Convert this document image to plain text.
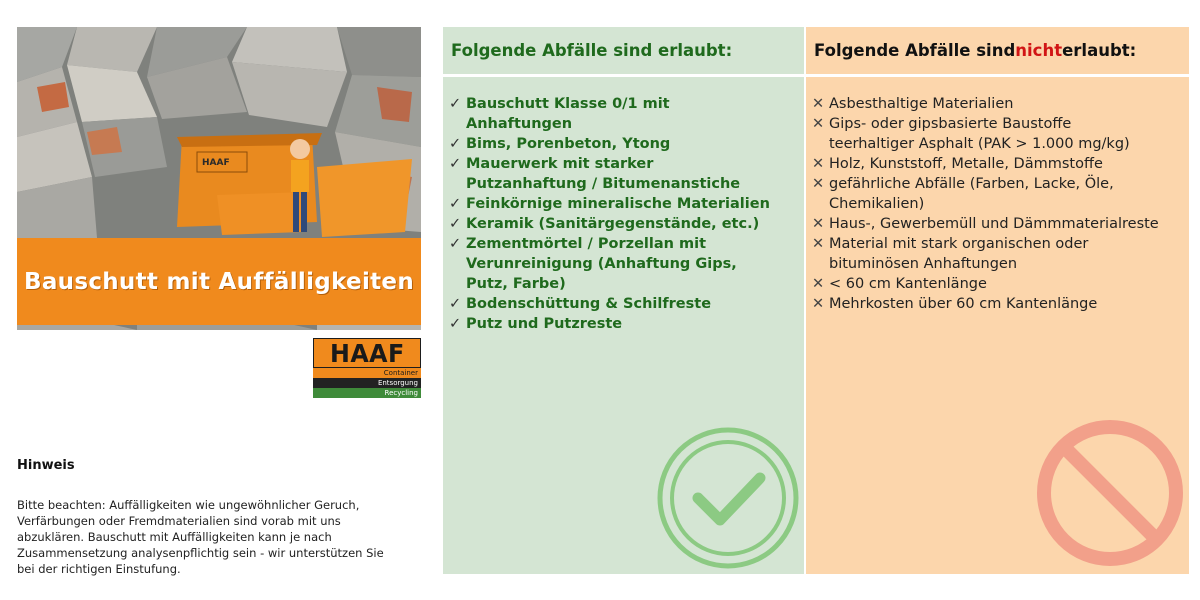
HAAF
Bauschutt mit Auffälligkeiten
HAAF
Container
Entsorgung
Recycling
Hinweis
Bitte beachten: Auffälligkeiten wie ungewöhnlicher Geruch, Verfärbungen oder Fremdmaterialien sind vorab mit uns abzuklären. Bauschutt mit Auffälligkeiten kann je nach Zusammensetzung analysenpflichtig sein - wir unterstützen Sie bei der richtigen Einstufung.
Folgende Abfälle sind erlaubt:
✓ Bauschutt Klasse 0/1 mit
Anhaftungen
✓ Bims, Porenbeton, Ytong
✓ Mauerwerk mit starker
Putzanhaftung / Bitumenanstiche
✓ Feinkörnige mineralische Materialien
✓ Keramik (Sanitärgegenstände, etc.)
✓ Zementmörtel / Porzellan mit
Verunreinigung (Anhaftung Gips,
Putz, Farbe)
✓ Bodenschüttung & Schilfreste
✓ Putz und Putzreste
Folgende Abfälle sind nicht erlaubt:
✕ Asbesthaltige Materialien
✕ Gips- oder gipsbasierte Baustoffe
teerhaltiger Asphalt (PAK > 1.000 mg/kg)
✕ Holz, Kunststoff, Metalle, Dämmstoffe
✕ gefährliche Abfälle (Farben, Lacke, Öle,
Chemikalien)
✕ Haus-, Gewerbemüll und Dämmmaterialreste
✕ Material mit stark organischen oder
bituminösen Anhaftungen
✕ < 60 cm Kantenlänge
✕ Mehrkosten über 60 cm Kantenlänge
